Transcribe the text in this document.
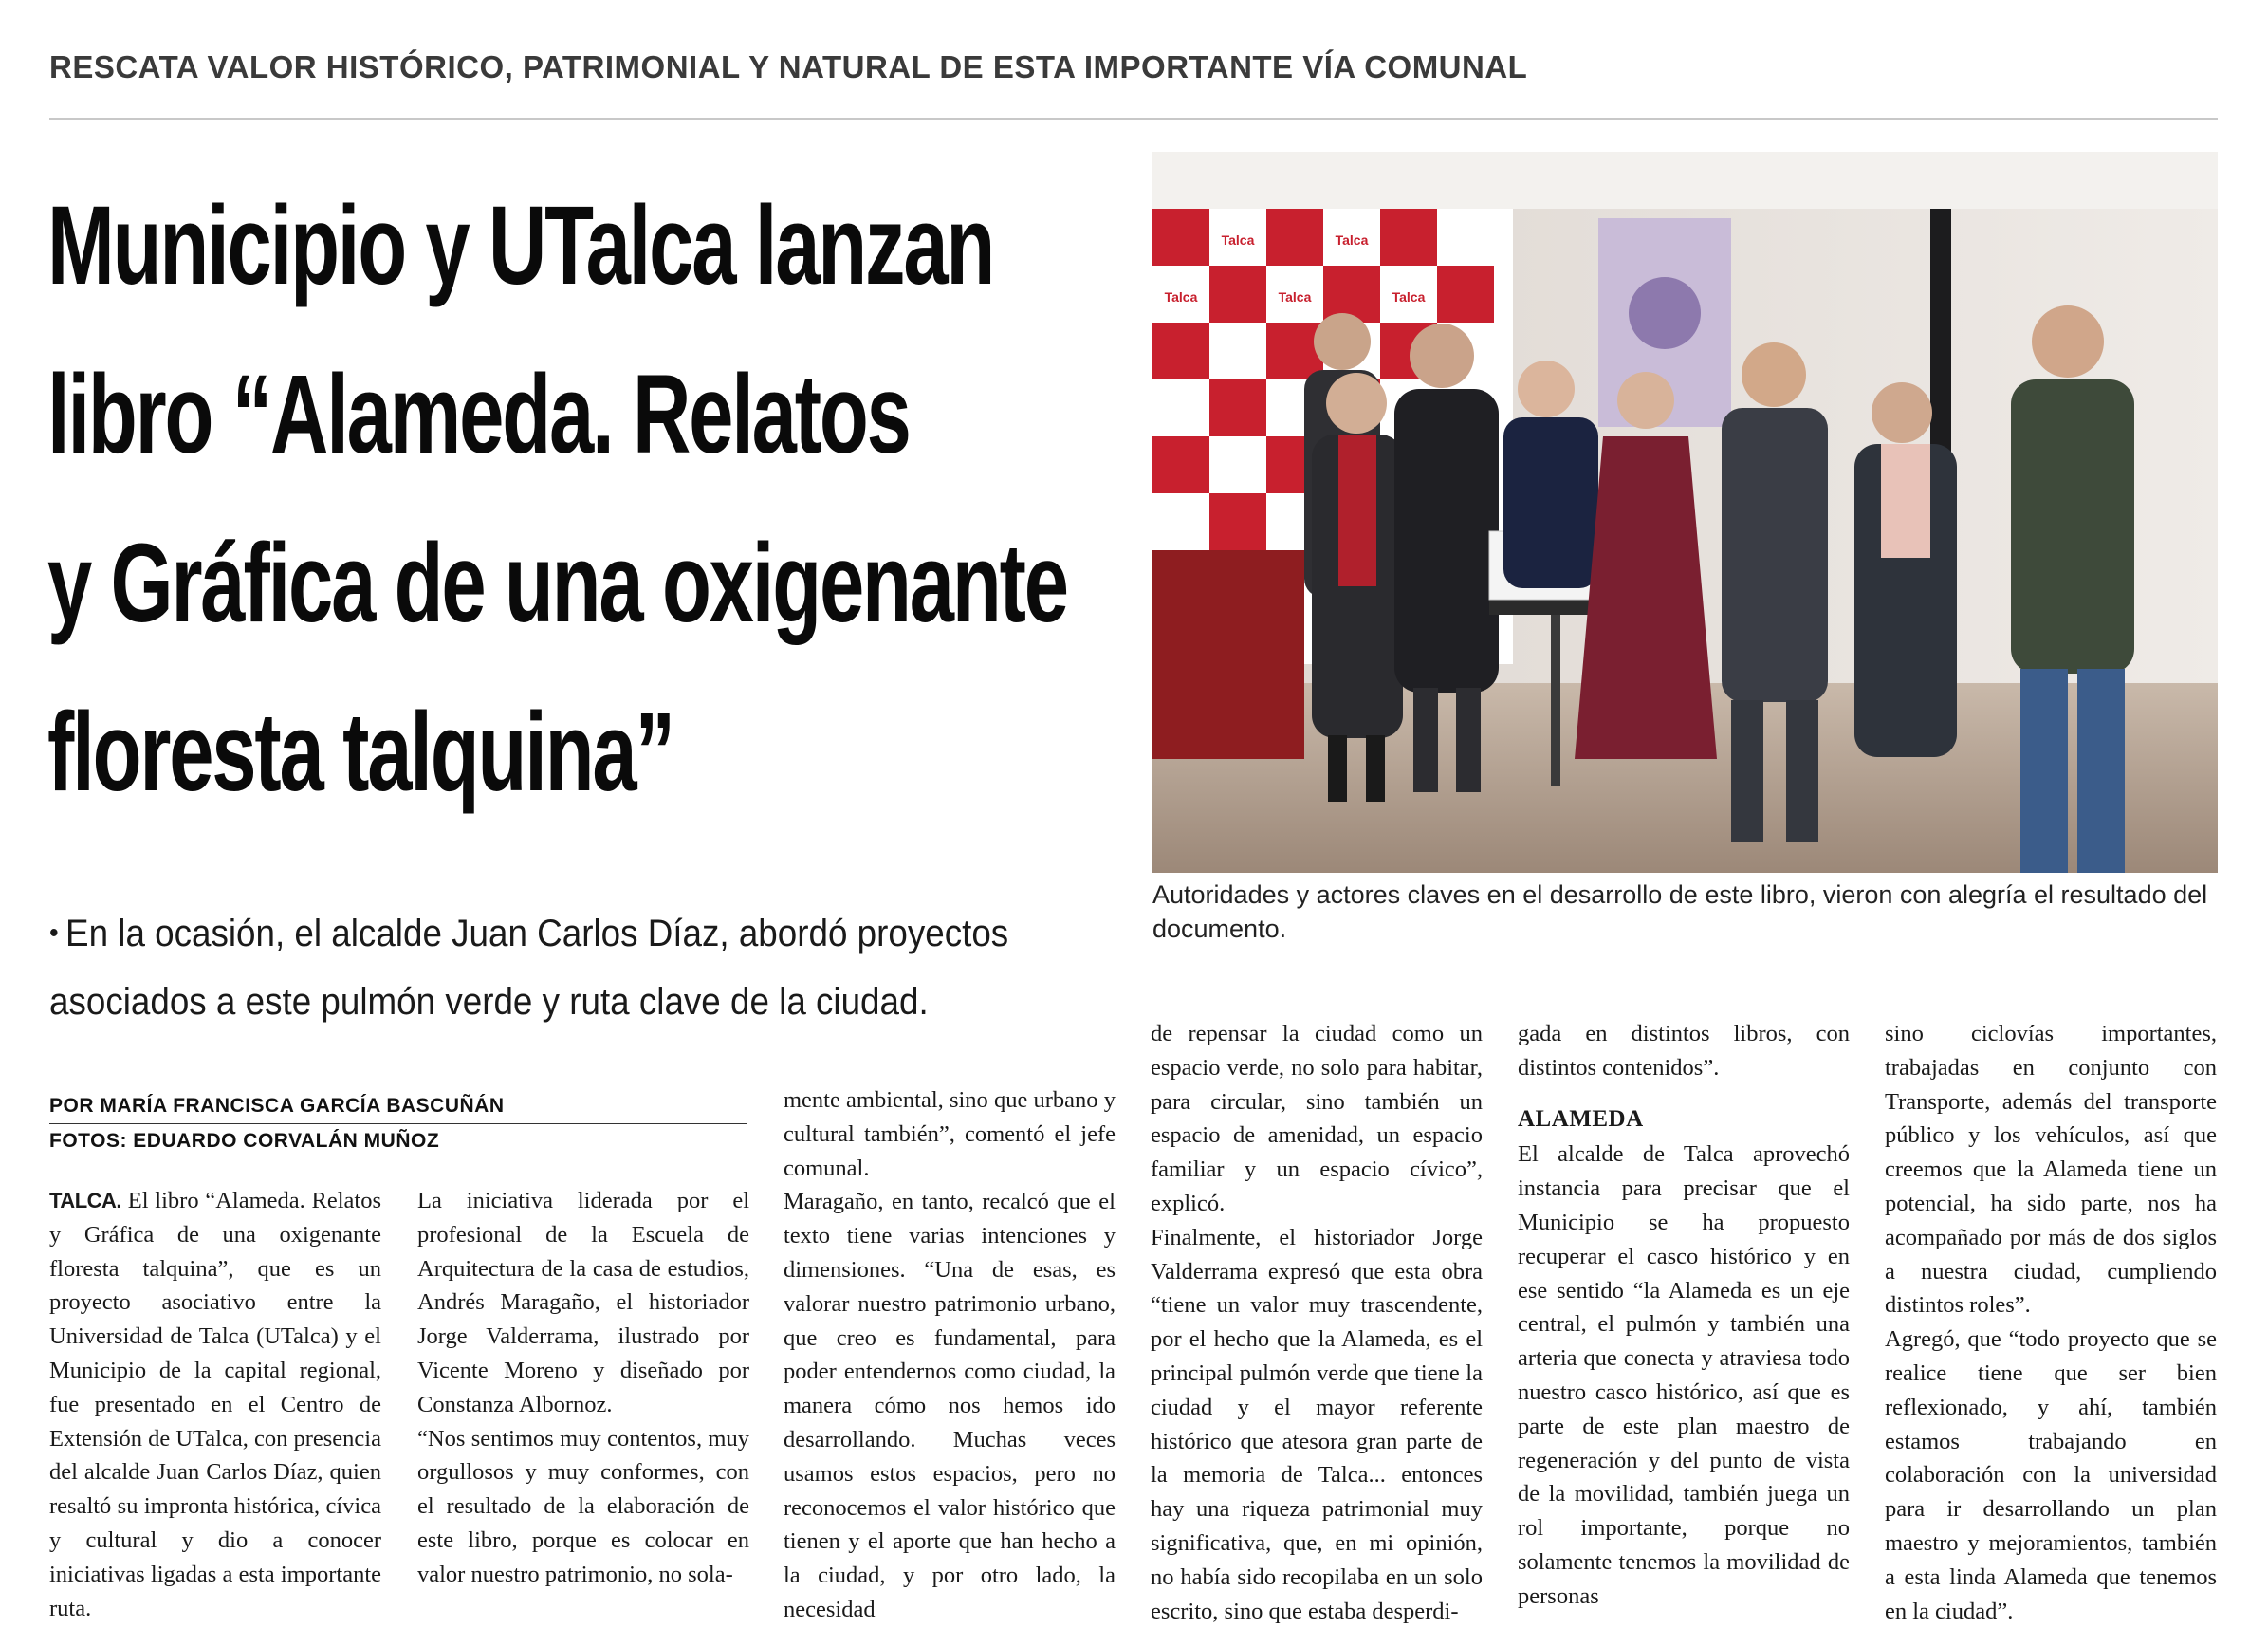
RESCATA VALOR HISTÓRICO, PATRIMONIAL Y NATURAL DE ESTA IMPORTANTE VÍA COMUNAL
Municipio y UTalca lanzan
libro “Alameda. Relatos
y Gráfica de una oxigenante
floresta talquina”
Talca	Talca
Talca	Talca	Talca
Talca
Autoridades y actores claves en el desarrollo de este libro, vieron con alegría el resultado del documento.
• En la ocasión, el alcalde Juan Carlos Díaz, abordó proyectos asociados a este pulmón verde y ruta clave de la ciudad.
POR MARÍA FRANCISCA GARCÍA BASCUÑÁN
FOTOS: EDUARDO CORVALÁN MUÑOZ

TALCA. El libro “Alameda. Relatos y Gráfica de una oxigenante floresta talquina”, que es un proyecto asociativo entre la Universidad de Talca (UTalca) y el Municipio de la capital regional, fue presentado en el Centro de Extensión de UTalca, con presencia del alcalde Juan Carlos Díaz, quien resaltó su impronta histórica, cívica y cultural y dio a conocer iniciativas ligadas a esta importante ruta.

La iniciativa liderada por el profesional de la Escuela de Arquitectura de la casa de estudios, Andrés Maragaño, el historiador Jorge Valderrama, ilustrado por Vicente Moreno y diseñado por Constanza Albornoz.

“Nos sentimos muy contentos, muy orgullosos y muy conformes, con el resultado de la elaboración de este libro, porque es colocar en valor nuestro patrimonio, no sola-

mente ambiental, sino que urbano y cultural también”, comentó el jefe comunal.

Maragaño, en tanto, recalcó que el texto tiene varias intenciones y dimensiones. “Una de esas, es valorar nuestro patrimonio urbano, que creo es fundamental, para poder entendernos como ciudad, la manera cómo nos hemos ido desarrollando. Muchas veces usamos estos espacios, pero no reconocemos el valor histórico que tienen y el aporte que han hecho a la ciudad, y por otro lado, la necesidad

de repensar la ciudad como un espacio verde, no solo para habitar, para circular, sino también un espacio de amenidad, un espacio familiar y un espacio cívico”, explicó.

Finalmente, el historiador Jorge Valderrama expresó que esta obra “tiene un valor muy trascendente, por el hecho que la Alameda, es el principal pulmón verde que tiene la ciudad y el mayor referente histórico que atesora gran parte de la memoria de Talca... entonces hay una riqueza patrimonial muy significativa, que, en mi opinión, no había sido recopilaba en un solo escrito, sino que estaba desperdi-

gada en distintos libros, con distintos contenidos”.

ALAMEDA

El alcalde de Talca aprovechó instancia para precisar que el Municipio se ha propuesto recuperar el casco histórico y en ese sentido “la Alameda es un eje central, el pulmón y también una arteria que conecta y atraviesa todo nuestro casco histórico, así que es parte de este plan maestro de regeneración y del punto de vista de la movilidad, también juega un rol importante, porque no solamente tenemos la movilidad de personas

sino ciclovías importantes, trabajadas en conjunto con Transporte, además del transporte público y los vehículos, así que creemos que la Alameda tiene un potencial, ha sido parte, nos ha acompañado por más de dos siglos a nuestra ciudad, cumpliendo distintos roles”.

Agregó, que “todo proyecto que se realice tiene que ser bien reflexionado, y ahí, también estamos trabajando en colaboración con la universidad para ir desarrollando un plan maestro y mejoramientos, también a esta linda Alameda que tenemos en la ciudad”.
